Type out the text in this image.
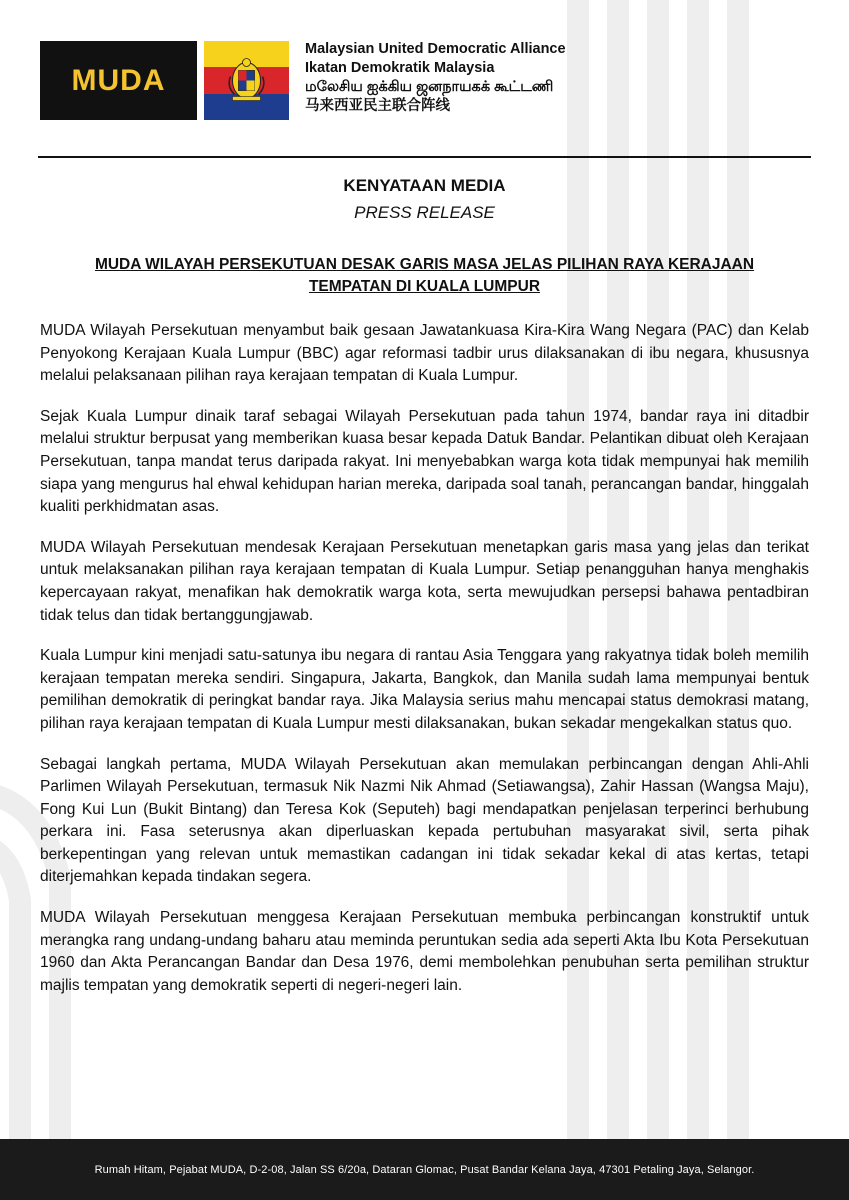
MUDA
Malaysian United Democratic Alliance
Ikatan Demokratik Malaysia
மலேசிய ஐக்கிய ஜனநாயகக் கூட்டணி
马来西亚民主联合阵线
KENYATAAN MEDIA
PRESS RELEASE
MUDA WILAYAH PERSEKUTUAN DESAK GARIS MASA JELAS PILIHAN RAYA KERAJAAN
TEMPATAN DI KUALA LUMPUR

MUDA Wilayah Persekutuan menyambut baik gesaan Jawatankuasa Kira-Kira Wang Negara (PAC) dan Kelab Penyokong Kerajaan Kuala Lumpur (BBC) agar reformasi tadbir urus dilaksanakan di ibu negara, khususnya melalui pelaksanaan pilihan raya kerajaan tempatan di Kuala Lumpur.

Sejak Kuala Lumpur dinaik taraf sebagai Wilayah Persekutuan pada tahun 1974, bandar raya ini ditadbir melalui struktur berpusat yang memberikan kuasa besar kepada Datuk Bandar. Pelantikan dibuat oleh Kerajaan Persekutuan, tanpa mandat terus daripada rakyat. Ini menyebabkan warga kota tidak mempunyai hak memilih siapa yang mengurus hal ehwal kehidupan harian mereka, daripada soal tanah, perancangan bandar, hinggalah kualiti perkhidmatan asas.

MUDA Wilayah Persekutuan mendesak Kerajaan Persekutuan menetapkan garis masa yang jelas dan terikat untuk melaksanakan pilihan raya kerajaan tempatan di Kuala Lumpur. Setiap penangguhan hanya menghakis kepercayaan rakyat, menafikan hak demokratik warga kota, serta mewujudkan persepsi bahawa pentadbiran tidak telus dan tidak bertanggungjawab.

Kuala Lumpur kini menjadi satu-satunya ibu negara di rantau Asia Tenggara yang rakyatnya tidak boleh memilih kerajaan tempatan mereka sendiri. Singapura, Jakarta, Bangkok, dan Manila sudah lama mempunyai bentuk pemilihan demokratik di peringkat bandar raya. Jika Malaysia serius mahu mencapai status demokrasi matang, pilihan raya kerajaan tempatan di Kuala Lumpur mesti dilaksanakan, bukan sekadar mengekalkan status quo.

Sebagai langkah pertama, MUDA Wilayah Persekutuan akan memulakan perbincangan dengan Ahli-Ahli Parlimen Wilayah Persekutuan, termasuk Nik Nazmi Nik Ahmad (Setiawangsa), Zahir Hassan (Wangsa Maju), Fong Kui Lun (Bukit Bintang) dan Teresa Kok (Seputeh) bagi mendapatkan penjelasan terperinci berhubung perkara ini. Fasa seterusnya akan diperluaskan kepada pertubuhan masyarakat sivil, serta pihak berkepentingan yang relevan untuk memastikan cadangan ini tidak sekadar kekal di atas kertas, tetapi diterjemahkan kepada tindakan segera.

MUDA Wilayah Persekutuan menggesa Kerajaan Persekutuan membuka perbincangan konstruktif untuk merangka rang undang-undang baharu atau meminda peruntukan sedia ada seperti Akta Ibu Kota Persekutuan 1960 dan Akta Perancangan Bandar dan Desa 1976, demi membolehkan penubuhan serta pemilihan struktur majlis tempatan yang demokratik seperti di negeri-negeri lain.

Rumah Hitam, Pejabat MUDA, D-2-08, Jalan SS 6/20a, Dataran Glomac, Pusat Bandar Kelana Jaya, 47301 Petaling Jaya, Selangor.
